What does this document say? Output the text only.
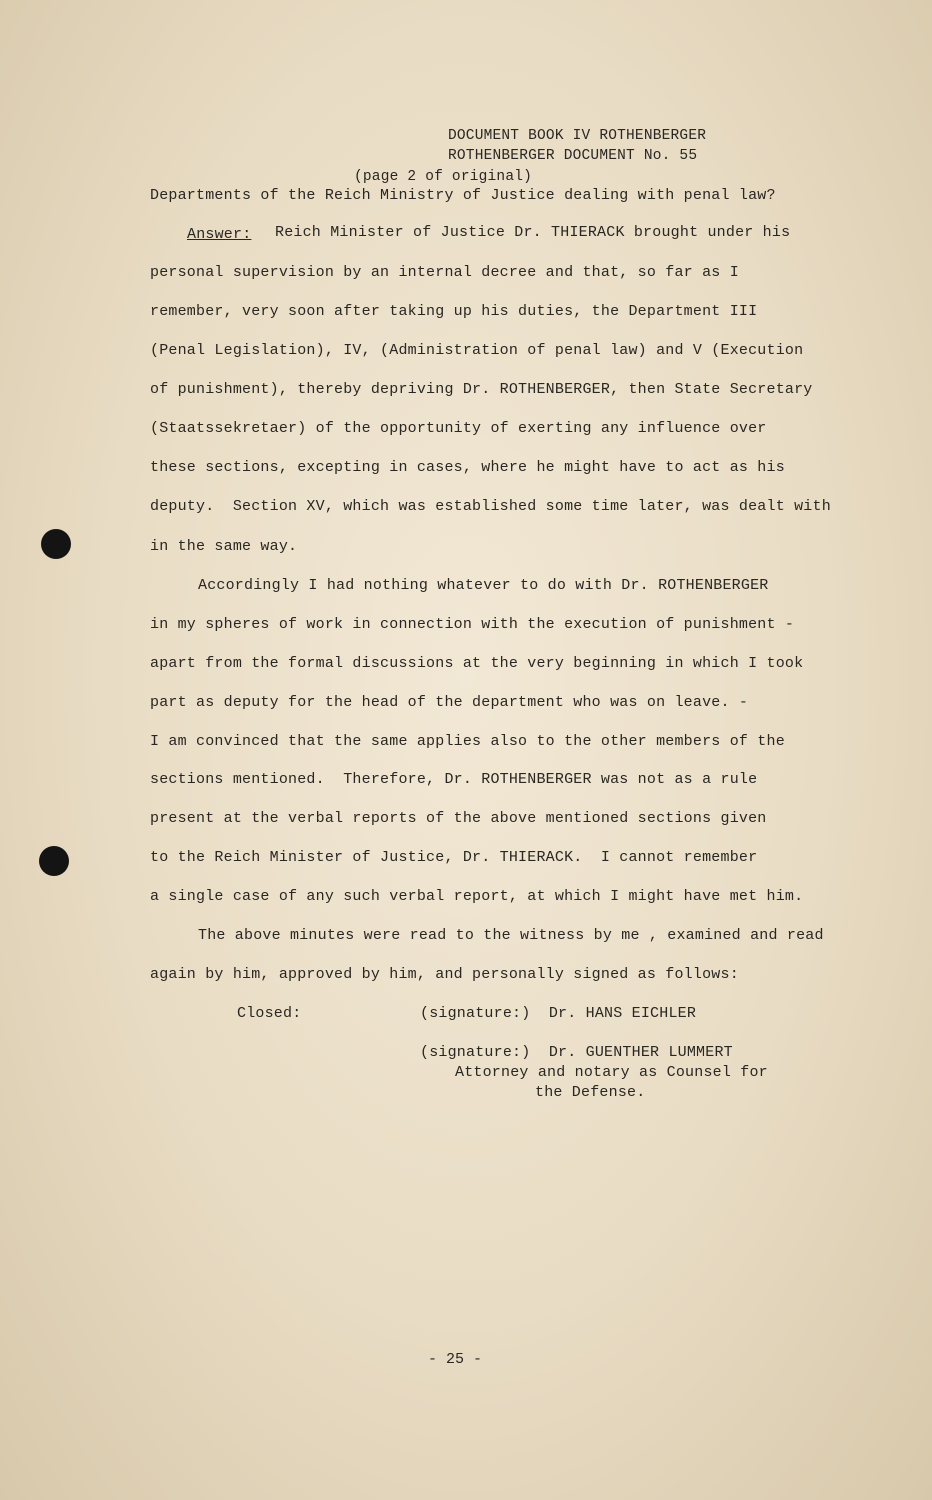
DOCUMENT BOOK IV ROTHENBERGER
ROTHENBERGER DOCUMENT No. 55
(page 2 of original)
Departments of the Reich Ministry of Justice dealing with penal law?
Answer: Reich Minister of Justice Dr. THIERACK brought under his
personal supervision by an internal decree and that, so far as I
remember, very soon after taking up his duties, the Department III
(Penal Legislation), IV, (Administration of penal law) and V (Execution
of punishment), thereby depriving Dr. ROTHENBERGER, then State Secretary
(Staatssekretaer) of the opportunity of exerting any influence over
these sections, excepting in cases, where he might have to act as his
deputy.  Section XV, which was established some time later, was dealt with
in the same way.
Accordingly I had nothing whatever to do with Dr. ROTHENBERGER
in my spheres of work in connection with the execution of punishment -
apart from the formal discussions at the very beginning in which I took
part as deputy for the head of the department who was on leave. -
I am convinced that the same applies also to the other members of the
sections mentioned.  Therefore, Dr. ROTHENBERGER was not as a rule
present at the verbal reports of the above mentioned sections given
to the Reich Minister of Justice, Dr. THIERACK.  I cannot remember
a single case of any such verbal report, at which I might have met him.
The above minutes were read to the witness by me , examined and read
again by him, approved by him, and personally signed as follows:
Closed:	(signature:)  Dr. HANS EICHLER
(signature:)  Dr. GUENTHER LUMMERT
Attorney and notary as Counsel for
the Defense.
- 25 -
